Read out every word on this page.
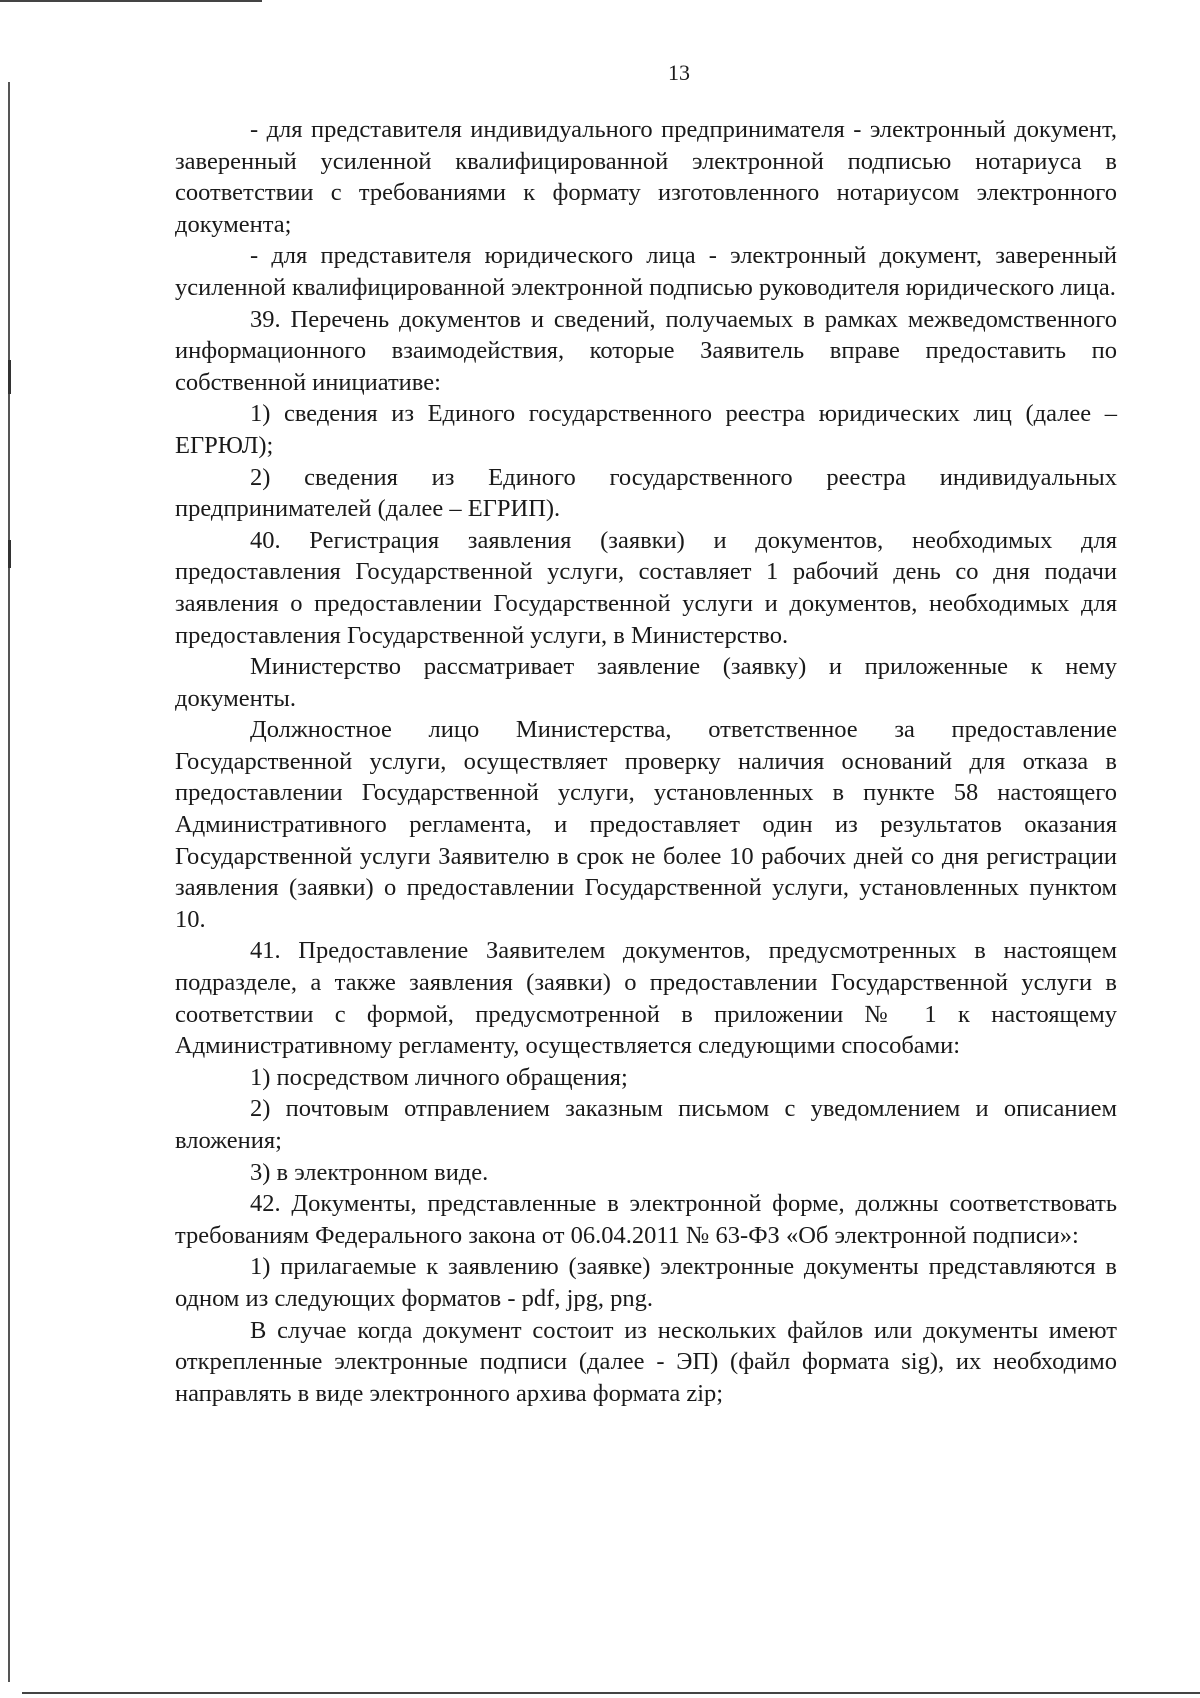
13

- для представителя индивидуального предпринимателя - электронный документ, заверенный усиленной квалифицированной электронной подписью нотариуса в соответствии с требованиями к формату изготовленного нотариусом электронного документа;

- для представителя юридического лица - электронный документ, заверенный усиленной квалифицированной электронной подписью руководителя юридического лица.

39. Перечень документов и сведений, получаемых в рамках межведомственного информационного взаимодействия, которые Заявитель вправе предоставить по собственной инициативе:

1) сведения из Единого государственного реестра юридических лиц (далее – ЕГРЮЛ);

2) сведения из Единого государственного реестра индивидуальных предпринимателей (далее – ЕГРИП).

40. Регистрация заявления (заявки) и документов, необходимых для предоставления Государственной услуги, составляет 1 рабочий день со дня подачи заявления о предоставлении Государственной услуги и документов, необходимых для предоставления Государственной услуги, в Министерство.

Министерство рассматривает заявление (заявку) и приложенные к нему документы.

Должностное лицо Министерства, ответственное за предоставление Государственной услуги, осуществляет проверку наличия оснований для отказа в предоставлении Государственной услуги, установленных в пункте 58 настоящего Административного регламента, и предоставляет один из результатов оказания Государственной услуги Заявителю в срок не более 10 рабочих дней со дня регистрации заявления (заявки) о предоставлении Государственной услуги, установленных пунктом 10.

41. Предоставление Заявителем документов, предусмотренных в настоящем подразделе, а также заявления (заявки) о предоставлении Государственной услуги в соответствии с формой, предусмотренной в приложении № 1 к настоящему Административному регламенту, осуществляется следующими способами:

1) посредством личного обращения;

2) почтовым отправлением заказным письмом с уведомлением и описанием вложения;

3) в электронном виде.

42. Документы, представленные в электронной форме, должны соответствовать требованиям Федерального закона от 06.04.2011 № 63-ФЗ «Об электронной подписи»:

1) прилагаемые к заявлению (заявке) электронные документы представляются в одном из следующих форматов - pdf, jpg, png.

В случае когда документ состоит из нескольких файлов или документы имеют открепленные электронные подписи (далее - ЭП) (файл формата sig), их необходимо направлять в виде электронного архива формата zip;
